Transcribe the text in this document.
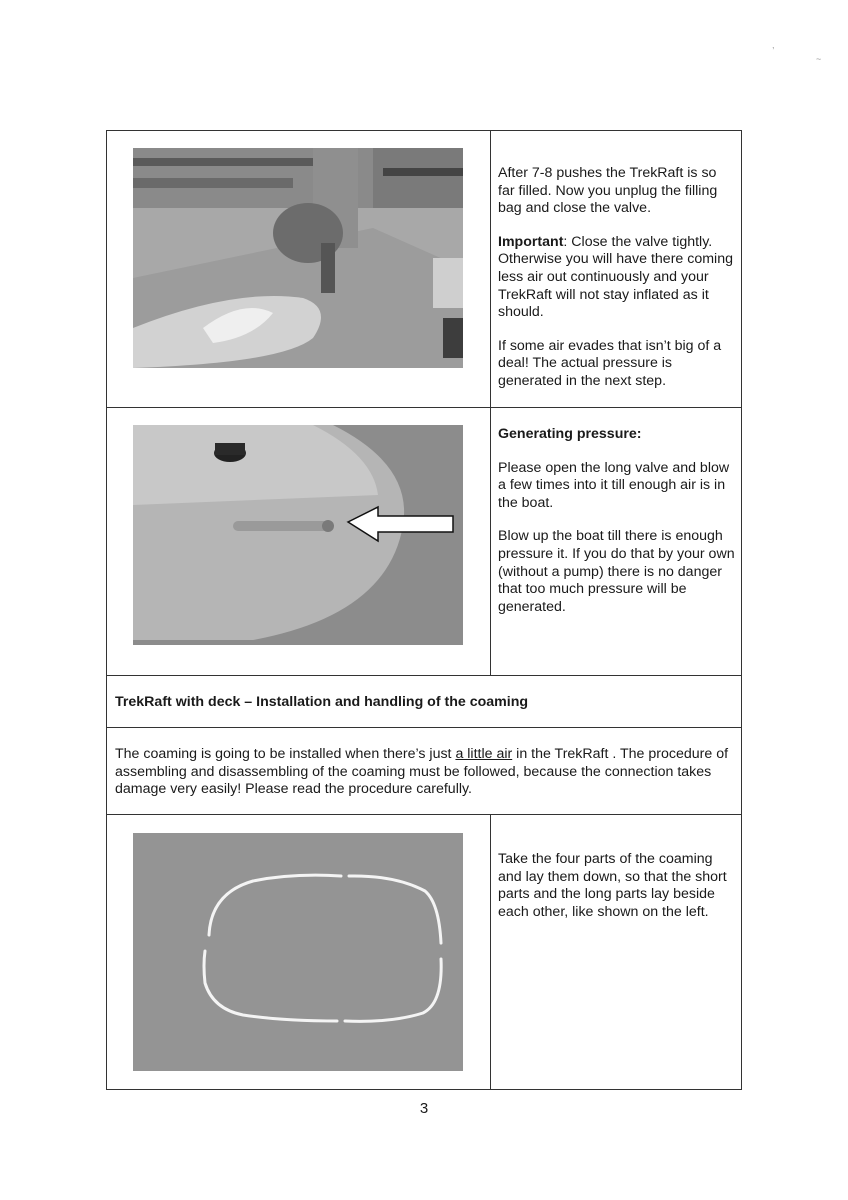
,
~

After 7-8 pushes the TrekRaft is so far filled. Now you unplug the filling bag and close the valve.

Important: Close the valve tightly. Otherwise you will have there coming less air out continuously and your TrekRaft will not stay inflated as it should.

If some air evades that isn’t big of a deal! The actual pressure is generated in the next step.

Generating pressure:

Please open the long valve and blow a few times into it till enough air is in the boat.

Blow up the boat till there is enough pressure it. If you do that by your own (without a pump) there is no danger that too much pressure will be generated.

TrekRaft with deck – Installation and handling of the coaming
The coaming is going to be installed when there’s just a little air in the TrekRaft . The procedure of assembling and disassembling of the coaming must be followed, because the connection takes damage very easily! Please read the procedure carefully.

Take the four parts of the coaming and lay them down, so that the short parts and the long parts lay beside each other, like shown on the left.

3
